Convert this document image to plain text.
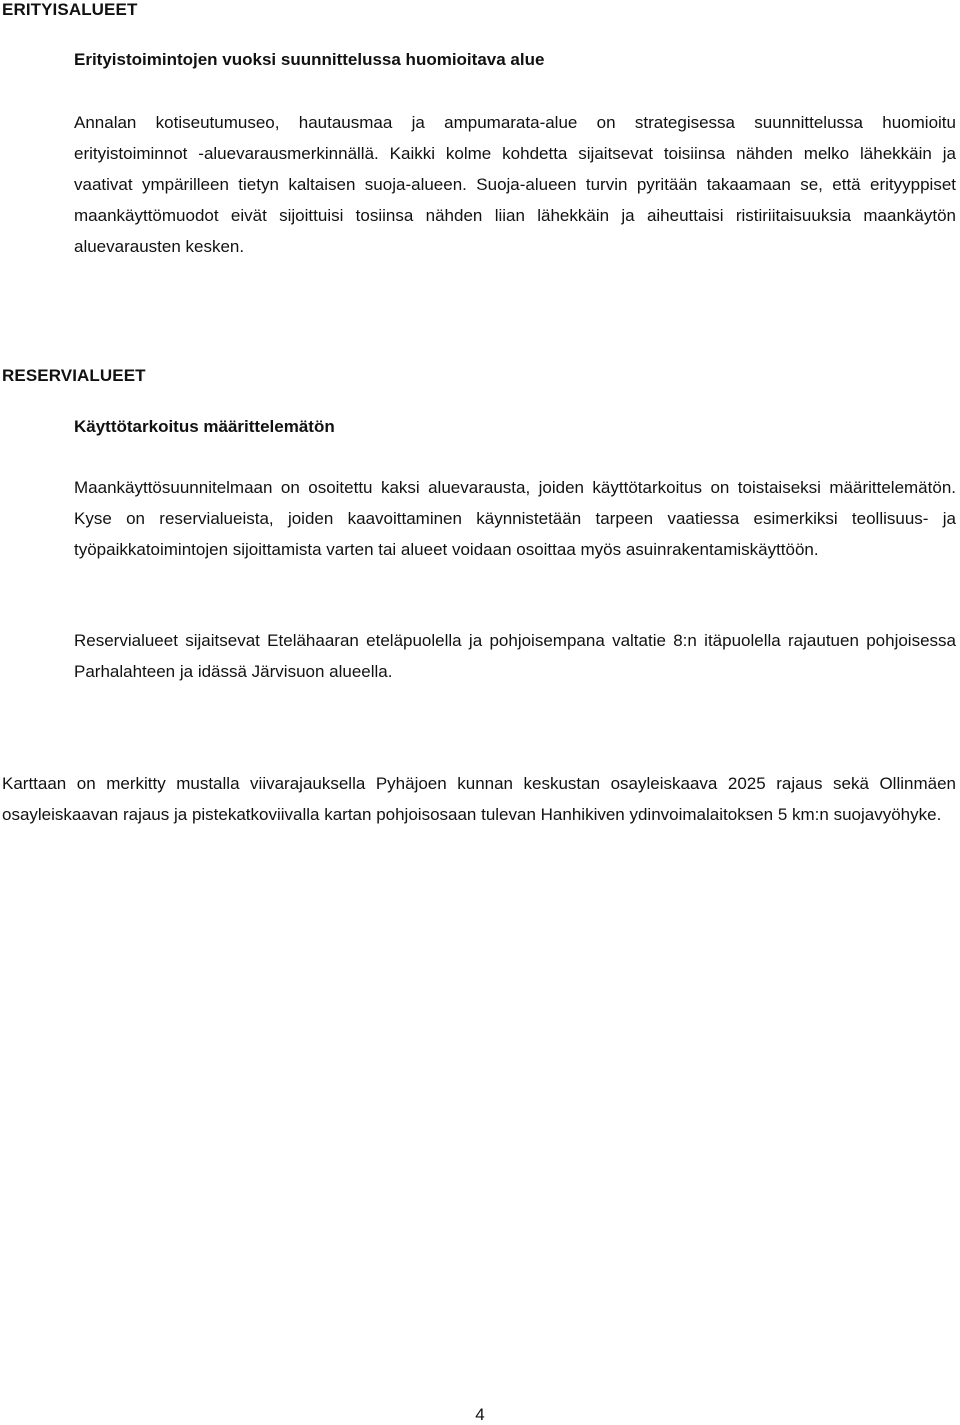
ERITYISALUEET
Erityistoimintojen vuoksi suunnittelussa huomioitava alue

Annalan kotiseutumuseo, hautausmaa ja ampumarata-alue on strategisessa suunnittelussa huomioitu erityistoiminnot -aluevarausmerkinnällä. Kaikki kolme kohdetta sijaitsevat toisiinsa nähden melko lähekkäin ja vaativat ympärilleen tietyn kaltaisen suoja-alueen. Suoja-alueen turvin pyritään takaamaan se, että erityyppiset maankäyttömuodot eivät sijoittuisi tosiinsa nähden liian lähekkäin ja aiheuttaisi ristiriitaisuuksia maankäytön aluevarausten kesken.

RESERVIALUEET
Käyttötarkoitus määrittelemätön

Maankäyttösuunnitelmaan on osoitettu kaksi aluevarausta, joiden käyttötarkoitus on toistaiseksi määrittelemätön. Kyse on reservialueista, joiden kaavoittaminen käynnistetään tarpeen vaatiessa esimerkiksi teollisuus- ja työpaikkatoimintojen sijoittamista varten tai alueet voidaan osoittaa myös asuinrakentamiskäyttöön.

Reservialueet sijaitsevat Etelähaaran eteläpuolella ja pohjoisempana valtatie 8:n itäpuolella rajautuen pohjoisessa Parhalahteen ja idässä Järvisuon alueella.

Karttaan on merkitty mustalla viivarajauksella Pyhäjoen kunnan keskustan osayleiskaava 2025 rajaus sekä Ollinmäen osayleiskaavan rajaus ja pistekatkoviivalla kartan pohjoisosaan tulevan Hanhikiven ydinvoimalaitoksen 5 km:n suojavyöhyke.

4
